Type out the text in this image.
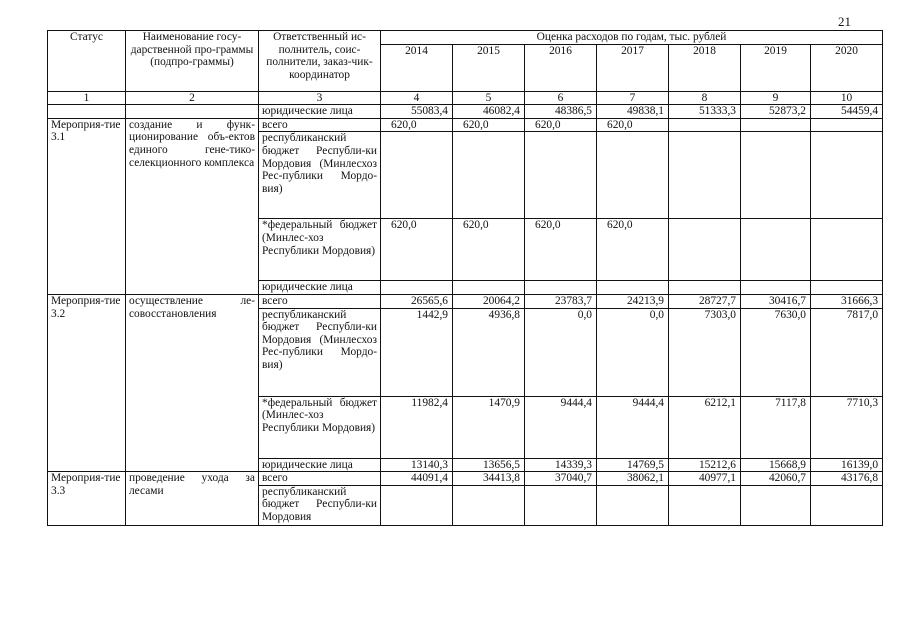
21
Статус	Наименование госу-дарственной про-граммы (подпро-граммы)	Ответственный ис-полнитель, соис-полнители, заказ-чик-координатор	Оценка расходов по годам, тыс. рублей						
			2014	2015	2016	2017	2018	2019	2020
1	2	3	4	5	6	7	8	9	10
		юридические лица	55083,4	46082,4	48386,5	49838,1	51333,3	52873,2	54459,4
Мероприя-тие 3.1	создание и функ-ционирование объ-ектов единого гене-тико-селекционного комплекса	всего	620,0	620,0	620,0	620,0			
		республиканский бюджет Республи-ки Мордовия (Минлесхоз Рес-публики Мордо-вия)							
		*федеральный бюджет (Минлес-хоз Республики Мордовия)	620,0	620,0	620,0	620,0			
		юридические лица							
Мероприя-тие 3.2	осуществление ле-совосстановления	всего	26565,6	20064,2	23783,7	24213,9	28727,7	30416,7	31666,3
		республиканский бюджет Республи-ки Мордовия (Минлесхоз Рес-публики Мордо-вия)	1442,9	4936,8	0,0	0,0	7303,0	7630,0	7817,0
		*федеральный бюджет (Минлес-хоз Республики Мордовия)	11982,4	1470,9	9444,4	9444,4	6212,1	7117,8	7710,3
		юридические лица	13140,3	13656,5	14339,3	14769,5	15212,6	15668,9	16139,0
Мероприя-тие 3.3	проведение ухода за лесами	всего	44091,4	34413,8	37040,7	38062,1	40977,1	42060,7	43176,8
		республиканский бюджет Республи-ки Мордовия							
